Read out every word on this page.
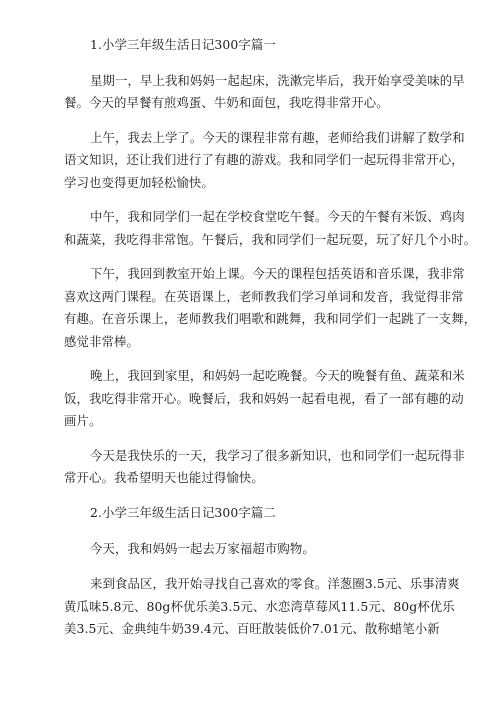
1.小学三年级生活日记300字篇一
星期一，早上我和妈妈一起起床，洗漱完毕后，我开始享受美味的早
餐。今天的早餐有煎鸡蛋、牛奶和面包，我吃得非常开心。
上午，我去上学了。今天的课程非常有趣，老师给我们讲解了数学和
语文知识，还让我们进行了有趣的游戏。我和同学们一起玩得非常开心，
学习也变得更加轻松愉快。
中午，我和同学们一起在学校食堂吃午餐。今天的午餐有米饭、鸡肉
和蔬菜，我吃得非常饱。午餐后，我和同学们一起玩耍，玩了好几个小时。
下午，我回到教室开始上课。今天的课程包括英语和音乐课，我非常
喜欢这两门课程。在英语课上，老师教我们学习单词和发音，我觉得非常
有趣。在音乐课上，老师教我们唱歌和跳舞，我和同学们一起跳了一支舞，
感觉非常棒。
晚上，我回到家里，和妈妈一起吃晚餐。今天的晚餐有鱼、蔬菜和米
饭，我吃得非常开心。晚餐后，我和妈妈一起看电视，看了一部有趣的动
画片。
今天是我快乐的一天，我学习了很多新知识，也和同学们一起玩得非
常开心。我希望明天也能过得愉快。
2.小学三年级生活日记300字篇二
今天，我和妈妈一起去万家福超市购物。
来到食品区，我开始寻找自己喜欢的零食。洋葱圈3.5元、乐事清爽
黄瓜味5.8元、80g杯优乐美3.5元、水恋湾草莓风11.5元、80g杯优乐
美3.5元、金典纯牛奶39.4元、百旺散装低价7.01元、散称蜡笔小新
